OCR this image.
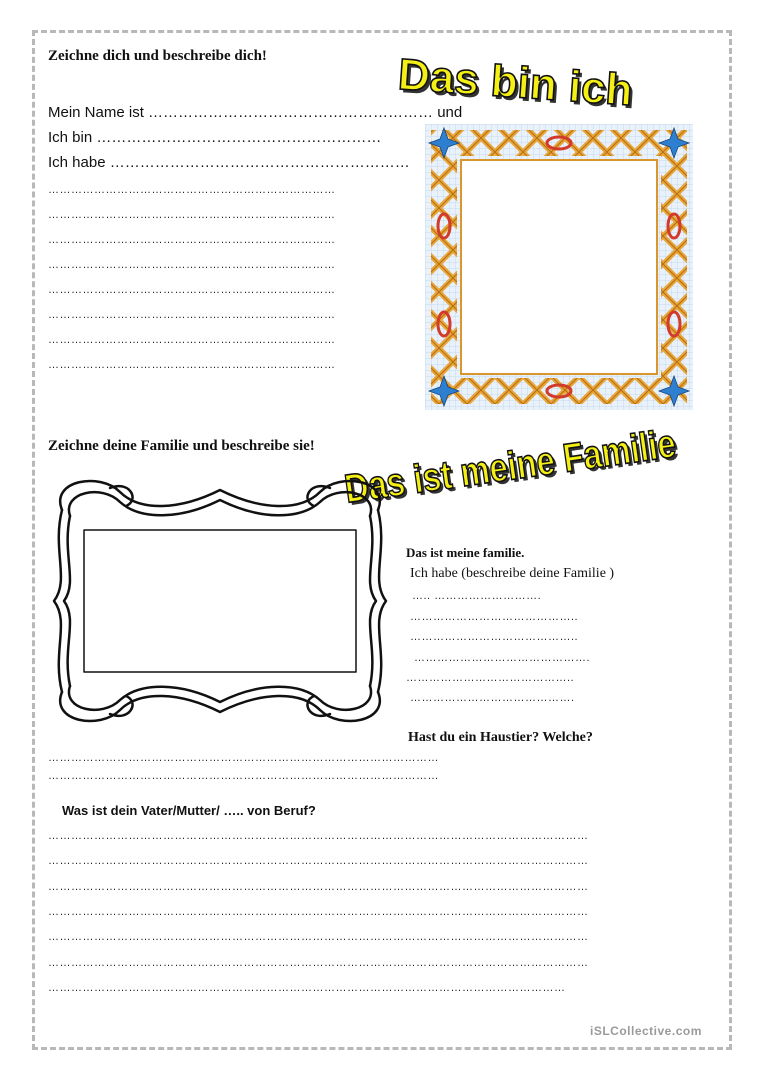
Zeichne dich und beschreibe dich!	Das bin ich
Mein Name ist ………………………………………………… und
Ich bin …………………………………………………
Ich habe ……………………………………………………
…………………………………………………………………
…………………………………………………………………
…………………………………………………………………
…………………………………………………………………
…………………………………………………………………
…………………………………………………………………
…………………………………………………………………
…………………………………………………………………
Zeichne deine Familie und beschreibe sie! Das ist meine Familie
Das ist meine familie.
Ich habe (beschreibe deine Familie )
….. ……………………….
……………………………………..
……………………………………..
……………………………………….
……………………………………..
…………………………………….
Hast du ein Haustier? Welche?
…………………………………………………………………………………………
…………………………………………………………………………………………
Was ist dein Vater/Mutter/ ….. von Beruf?
……………………………………………………………………………………………………………………………
……………………………………………………………………………………………………………………………
……………………………………………………………………………………………………………………………
……………………………………………………………………………………………………………………………
……………………………………………………………………………………………………………………………
……………………………………………………………………………………………………………………………
………………………………………………………………………………………………………………………
iSLCollective.com
